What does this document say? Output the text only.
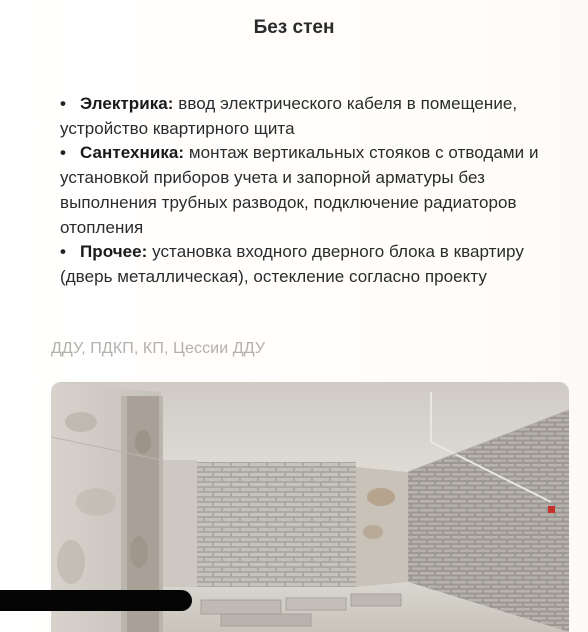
Без стен
• Электрика: ввод электрического кабеля в помещение, устройство квартирного щита
• Сантехника: монтаж вертикальных стояков с отводами и установкой приборов учета и запорной арматуры без выполнения трубных разводок, подключение радиаторов отопления
• Прочее: установка входного дверного блока в квартиру (дверь металлическая), остекление согласно проекту
ДДУ, ПДКП, КП, Цессии ДДУ
